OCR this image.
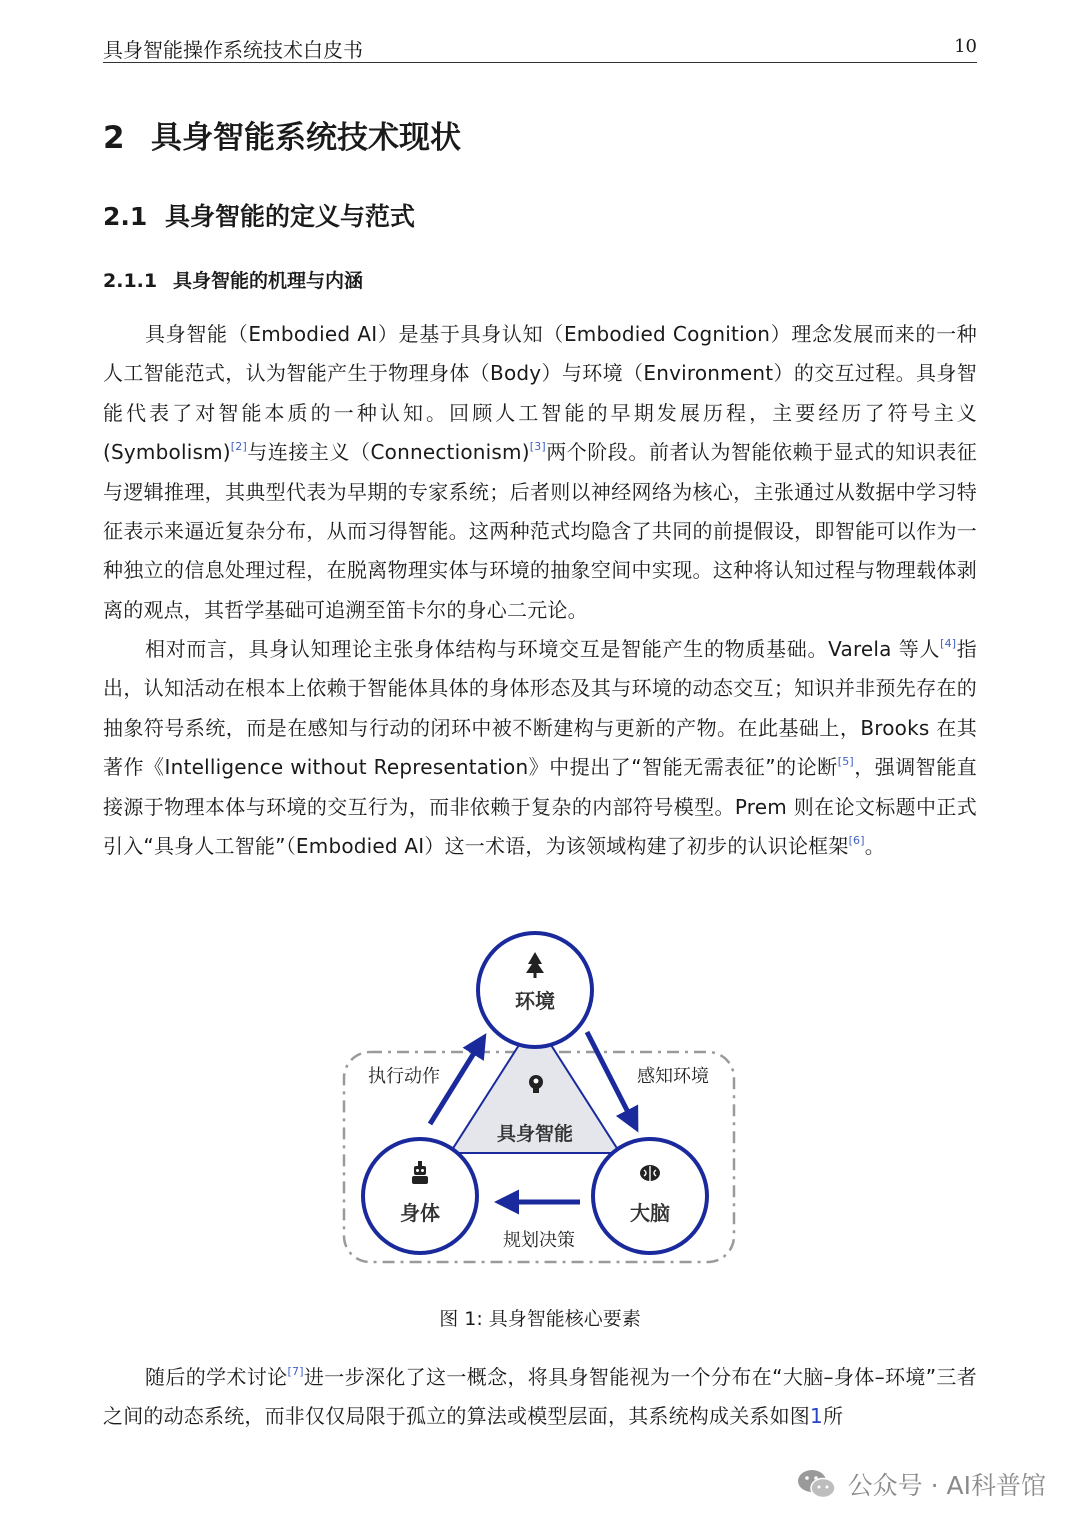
具身智能操作系统技术白皮书	10
2 具身智能系统技术现状
2.1 具身智能的定义与范式
2.1.1 具身智能的机理与内涵

具身智能（Embodied AI）是基于具身认知（Embodied Cognition）理念发展而来的一种人工智能范式，认为智能产生于物理身体（Body）与环境（Environment）的交互过程。具身智能代表了对智能本质的一种认知。回顾人工智能的早期发展历程，主要经历了符号主义(Symbolism)[2]与连接主义（Connectionism)[3]两个阶段。前者认为智能依赖于显式的知识表征与逻辑推理，其典型代表为早期的专家系统；后者则以神经网络为核心，主张通过从数据中学习特征表示来逼近复杂分布，从而习得智能。这两种范式均隐含了共同的前提假设，即智能可以作为一种独立的信息处理过程，在脱离物理实体与环境的抽象空间中实现。这种将认知过程与物理载体剥离的观点，其哲学基础可追溯至笛卡尔的身心二元论。

相对而言，具身认知理论主张身体结构与环境交互是智能产生的物质基础。Varela 等人[4]指出，认知活动在根本上依赖于智能体具体的身体形态及其与环境的动态交互；知识并非预先存在的抽象符号系统，而是在感知与行动的闭环中被不断建构与更新的产物。在此基础上，Brooks 在其著作《Intelligence without Representation》中提出了“智能无需表征”的论断[5]，强调智能直接源于物理本体与环境的交互行为，而非依赖于复杂的内部符号模型。Prem 则在论文标题中正式引入“具身人工智能”（Embodied AI）这一术语，为该领域构建了初步的认识论框架[6]。

具身智能
执行动作	感知环境
规划决策
环境
身体	大脑
图 1: 具身智能核心要素

随后的学术讨论[7]进一步深化了这一概念，将具身智能视为一个分布在“大脑–身体–环境”三者之间的动态系统，而非仅仅局限于孤立的算法或模型层面，其系统构成关系如图1所

公众号 · AI科普馆
